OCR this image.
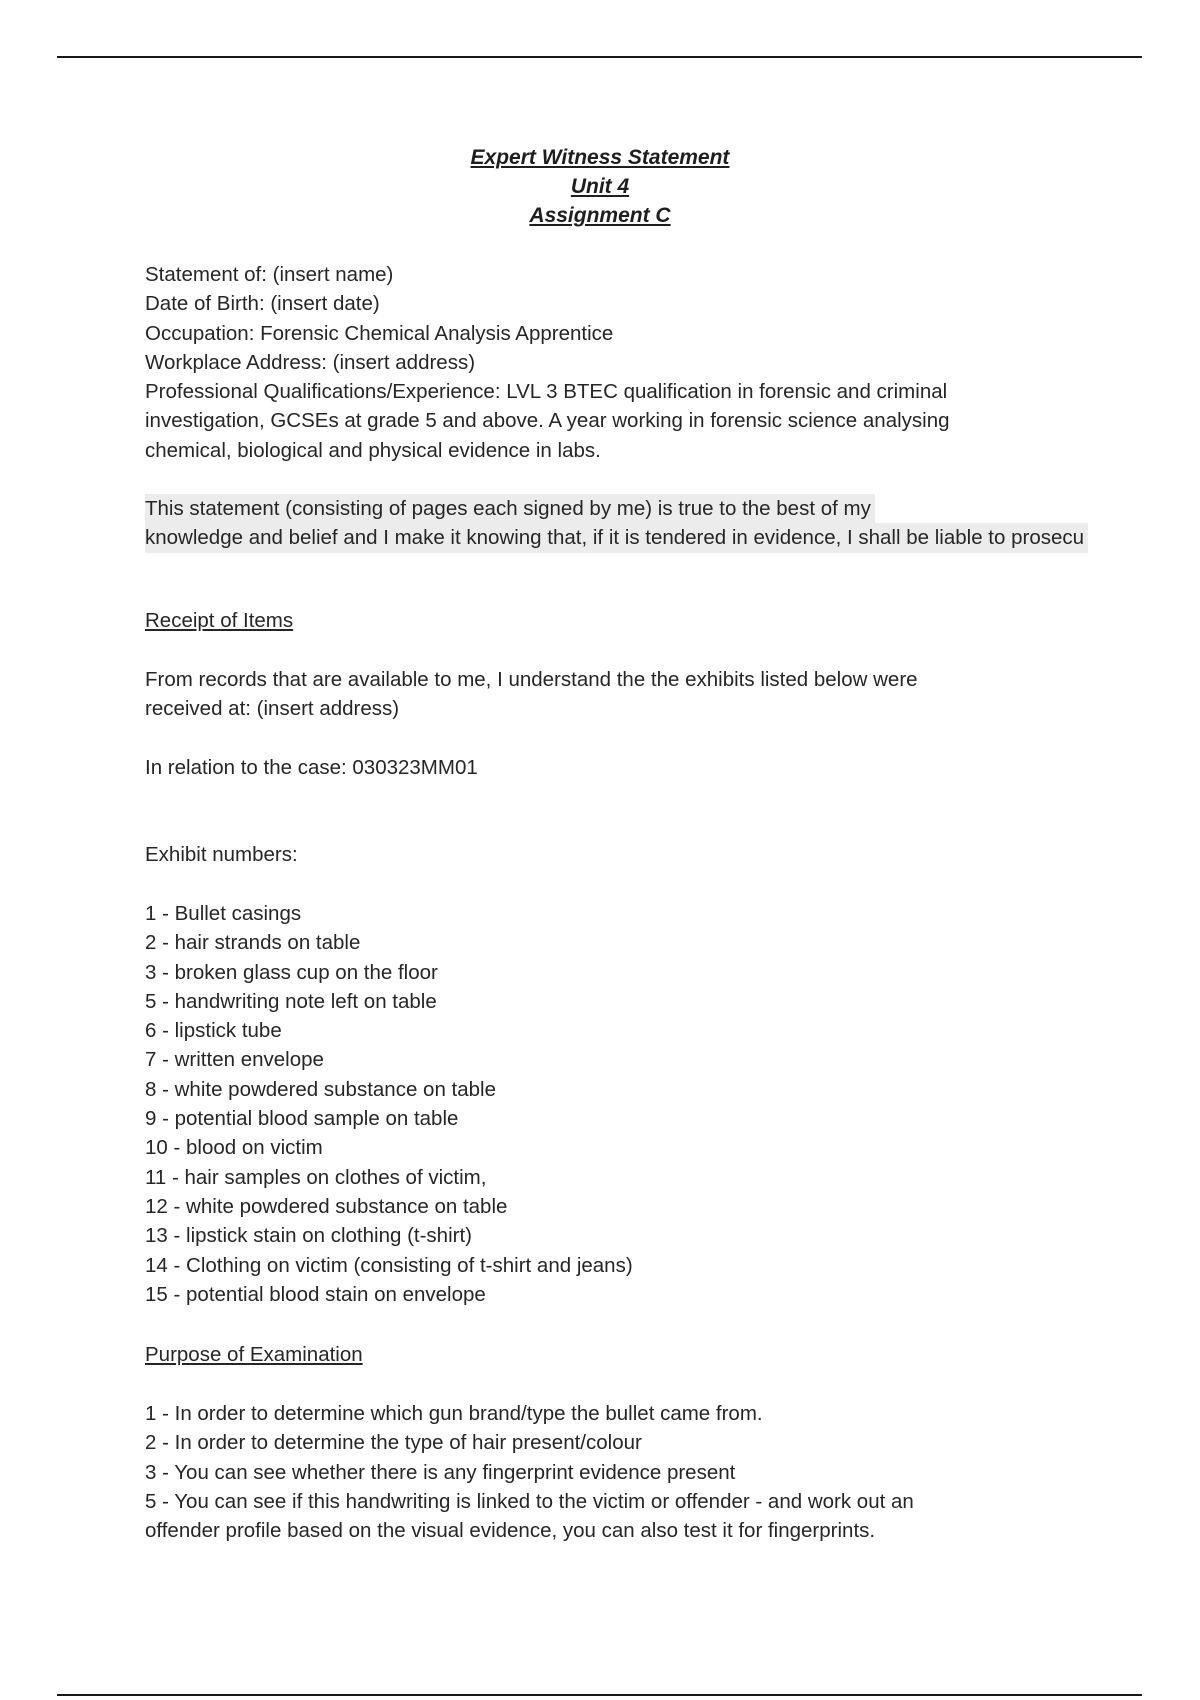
Expert Witness Statement
Unit 4
Assignment C
Statement of: (insert name)
Date of Birth: (insert date)
Occupation: Forensic Chemical Analysis Apprentice
Workplace Address: (insert address)
Professional Qualifications/Experience: LVL 3 BTEC qualification in forensic and criminal
investigation, GCSEs at grade 5 and above. A year working in forensic science analysing
chemical, biological and physical evidence in labs.
This statement (consisting of pages each signed by me) is true to the best of my
knowledge and belief and I make it knowing that, if it is tendered in evidence, I shall be liable to prosecu
Receipt of Items
From records that are available to me, I understand the the exhibits listed below were
received at: (insert address)
In relation to the case: 030323MM01
Exhibit numbers:
1 - Bullet casings
2 - hair strands on table
3 - broken glass cup on the floor
5 - handwriting note left on table
6 - lipstick tube
7 - written envelope
8 - white powdered substance on table
9 - potential blood sample on table
10 - blood on victim
11 - hair samples on clothes of victim,
12 - white powdered substance on table
13 - lipstick stain on clothing (t-shirt)
14 - Clothing on victim (consisting of t-shirt and jeans)
15 - potential blood stain on envelope
Purpose of Examination
1 - In order to determine which gun brand/type the bullet came from.
2 - In order to determine the type of hair present/colour
3 - You can see whether there is any fingerprint evidence present
5 - You can see if this handwriting is linked to the victim or offender - and work out an
offender profile based on the visual evidence, you can also test it for fingerprints.
